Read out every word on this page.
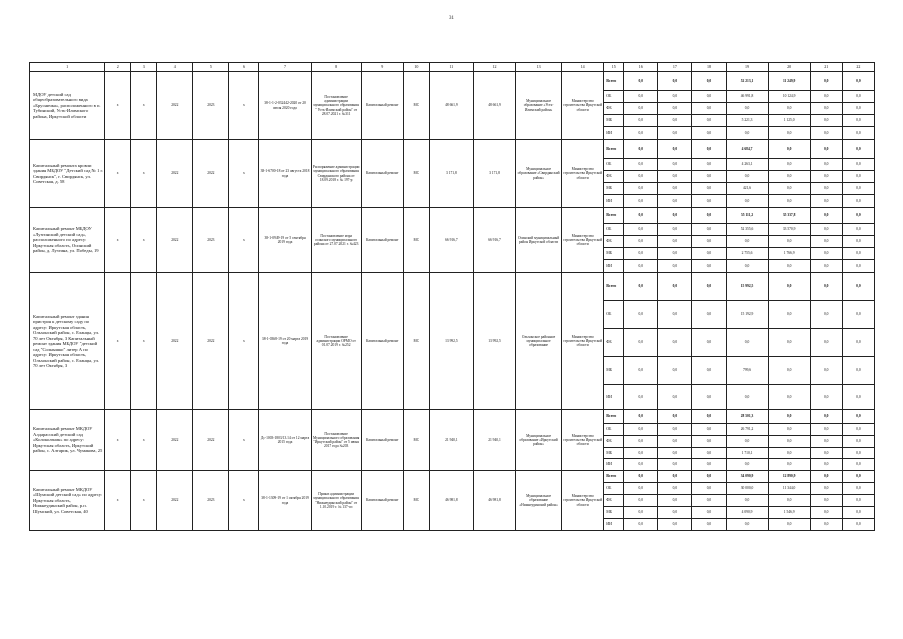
31
1	2	3	4	5	6	7	8	9	10	11	12	13	14	15	16	17	18	19	20	21	22
МДОУ детский сад общеобразовательного вида «Брусничка», расположенного в п. Тубинский, Усть-Илимского района, Иркутской области	х	х	2022	2023	х	38-1-1-2-032442-2020 от 20 июля 2020 года	Постановление администрации муниципального образования " Усть-Илимский район" от 28.07.2021 г. №311	Капитальный ремонт	МС	48 661,9	48 661,9	Муниципальное образование «Усть-Илимский район»	Министерство строительства Иркутской области	Всего	0,0	0,0	0,0	52 213,1	11 249,9	0,0	0,0
														ОБ	0,0	0,0	0,0	46 991,8	10 124,9	0,0	0,0
														ФБ	0,0	0,0	0,0	0,0	0,0	0,0	0,0
														МБ	0,0	0,0	0,0	5 221,3	1 125,0	0,0	0,0
														ИИ	0,0	0,0	0,0	0,0	0,0	0,0	0,0
Капитальный ремонта кровли здания МБДОУ "Детский сад № 1 г. Свирдянск", г. Свирдянск, ул. Советская, д. 58	х	х	2022	2022	х	38-1-6700-18 от 23 августа 2018 года	Распоряжение администрации муниципального образования Свирдянского района от 18.09.2018 г. № 197-р	Капитальный ремонт	МС	3 171,8	3 171,8	Муниципальное образование «Свирдянский район»	Министерство строительства Иркутской области	Всего	0,0	0,0	0,0	4 684,7	0,0	0,0	0,0
														ОБ	0,0	0,0	0,0	4 263,1	0,0	0,0	0,0
														ФБ	0,0	0,0	0,0	0,0	0,0	0,0	0,0
														МБ	0,0	0,0	0,0	421,6	0,0	0,0	0,0
														ИИ	0,0	0,0	0,0	0,0	0,0	0,0	0,0
Капитальный ремонт МБДОУ «Лузгинский детский сад», расположенного по адресу: Иркутская область, Осинский район, д. Лузгина, ул. Победы, 19	х	х	2022	2023	х	38-1-0949-19 от 5 сентября 2019 года	Постановление мэра осинского муниципального района от 27.07.2021 г. №423	Капитальный ремонт	МС	66 916,7	66 916,7	Осинский муниципальный район Иркутской области	Министерство строительства Иркутской области	Всего	0,0	0,0	0,0	55 111,2	35 337,8	0,0	0,0
														ОБ	0,0	0,0	0,0	52 355,6	33 570,9	0,0	0,0
														ФБ	0,0	0,0	0,0	0,0	0,0	0,0	0,0
														МБ	0,0	0,0	0,0	2 755,6	1 766,9	0,0	0,0
														ИИ	0,0	0,0	0,0	0,0	0,0	0,0	0,0
Капитальный ремонт здания пристроя к детскому саду по адресу: Иркутская область, Ольхонский район, с. Еланцы, ул. 70 лет Октября, 3 Капитальный ремонт здания МБДОУ "детский сад "Солнышко" литер А по адресу: Иркутская область, Ольхонский район, с. Еланцы, ул. 70 лет Октября, 3	х	х	2022	2022	х	38-1-0368-19 от 20 марта 2019 года	Постановление администрации ОРМО от 01.07.2019 г. №252	Капитальный ремонт	МС	13 992,5	13 992,5	Ольхонское районное муниципальное образование	Министерство строительства Иркутской области	Всего	0,0	0,0	0,0	15 992,5	0,0	0,0	0,0
														ОБ	0,0	0,0	0,0	15 192,9	0,0	0,0	0,0
														ФБ	0,0	0,0	0,0	0,0	0,0	0,0	0,0
														МБ	0,0	0,0	0,0	799,6	0,0	0,0	0,0
														ИИ	0,0	0,0	0,0	0,0	0,0	0,0	0,0
Капитальный ремонт МКДОУ Алдарасский детский сад «Колокольчик» по адресу: Иркутская область, Иркутский район, с. Алтарик, ул. Чумакова, 25	х	х	2022	2022	х	Дс-1003-1803/13.14 от 12 марта 2015 года	Постановление Муниципального образования "Иркутский район" от 5 июня 2017 года №203	Капитальный ремонт	МС	21 940,1	21 940,1	Муниципальное образование «Иркутский район»	Министерство строительства Иркутской области	Всего	0,0	0,0	0,0	28 501,3	0,0	0,0	0,0
														ОБ	0,0	0,0	0,0	26 791,2	0,0	0,0	0,0
														ФБ	0,0	0,0	0,0	0,0	0,0	0,0	0,0
														МБ	0,0	0,0	0,0	1 710,1	0,0	0,0	0,0
														ИИ	0,0	0,0	0,0	0,0	0,0	0,0	0,0
Капитальный ремонт МКДОУ «Шумский детский сад» по адресу: Иркутская область, Нижнеудинский район, р.п. Шумский, ул. Советская, 40	х	х	2022	2023	х	38-1-1309-19 от 1 октября 2019 года	Приказ администрации муниципального образования "Нижнеудинский район" от 1.10.2019 г. № 137-сп	Капитальный ремонт	МС	46 981,8	46 981,8	Муниципальное образование «Нижнеудинский район»	Министерство строительства Иркутской области	Всего	0,0	0,0	0,0	34 090,9	12 890,9	0,0	0,0
														ОБ	0,0	0,0	0,0	30 000,0	11 344,0	0,0	0,0
														ФБ	0,0	0,0	0,0	0,0	0,0	0,0	0,0
														МБ	0,0	0,0	0,0	4 090,9	1 546,9	0,0	0,0
														ИИ	0,0	0,0	0,0	0,0	0,0	0,0	0,0
